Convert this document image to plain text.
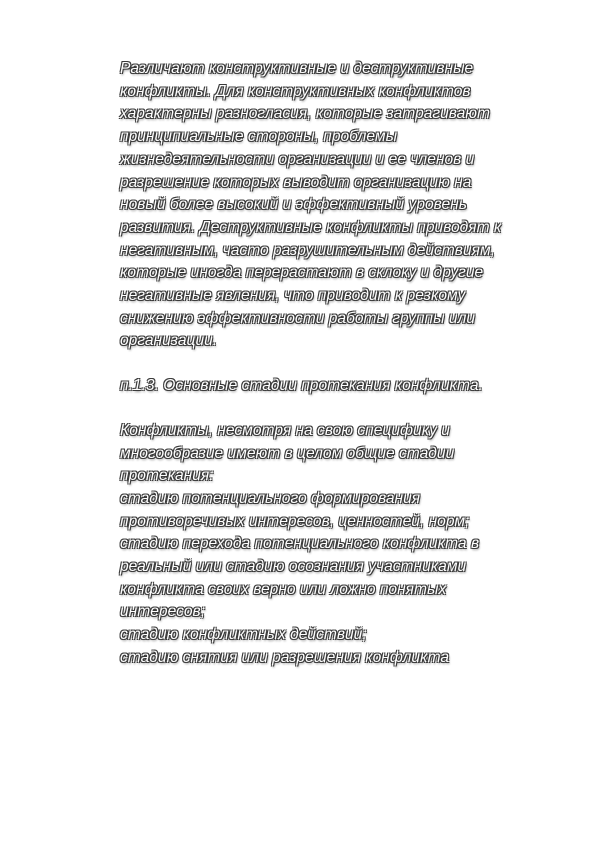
Различают конструктивные и деструктивные
конфликты. Для конструктивных конфликтов
характерны разногласия, которые затрагивают
принципиальные стороны, проблемы
жизнедеятельности организации и ее членов и
разрешение которых выводит организацию на
новый более высокий и эффективный уровень
развития. Деструктивные конфликты приводят к
негативным, часто разрушительным действиям,
которые иногда перерастают в склоку и другие
негативные явления, что приводит к резкому
снижению эффективности работы группы или
организации.

п.1.3. Основные стадии протекания конфликта.

Конфликты, несмотря на свою специфику и
многообразие имеют в целом общие стадии
протекания:
стадию потенциального формирования
противоречивых интересов, ценностей, норм;
стадию перехода потенциального конфликта в
реальный или стадию осознания участниками
конфликта своих верно или ложно понятых
интересов;
стадию конфликтных действий;
стадию снятия или разрешения конфликта
